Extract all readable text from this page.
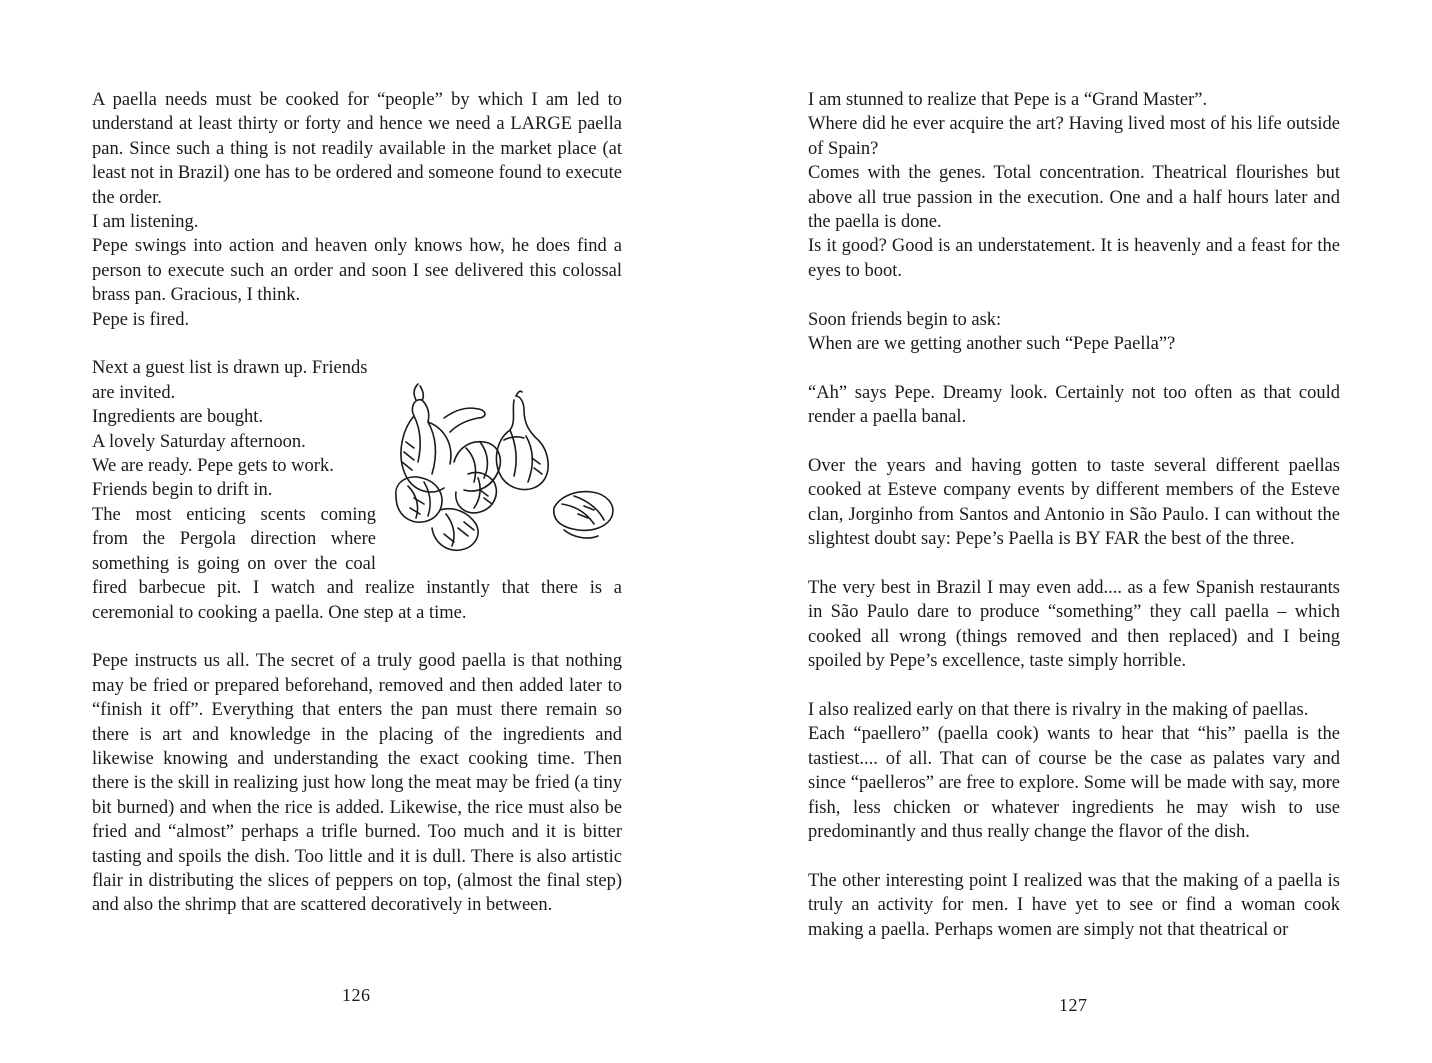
A paella needs must be cooked for “people” by which I am led to understand at least thirty or forty and hence we need a LARGE paella pan. Since such a thing is not readily available in the market place (at least not in Brazil) one has to be ordered and someone found to execute the order.

I am listening.

Pepe swings into action and heaven only knows how, he does find a person to execute such an order and soon I see delivered this colossal brass pan. Gracious, I think.

Pepe is fired.

Next a guest list is drawn up. Friends are invited.
Ingredients are bought.
A lovely Saturday afternoon.
We are ready. Pepe gets to work.
Friends begin to drift in.
The most enticing scents coming from the Pergola direction where something is going on over the coal fired barbecue pit. I watch and realize instantly that there is a ceremonial to cooking a paella. One step at a time.

Pepe instructs us all. The secret of a truly good paella is that nothing may be fried or prepared beforehand, removed and then added later to “finish it off”. Everything that enters the pan must there remain so there is art and knowledge in the placing of the ingredients and likewise knowing and understanding the exact cooking time. Then there is the skill in realizing just how long the meat may be fried (a tiny bit burned) and when the rice is added. Likewise, the rice must also be fried and “almost” perhaps a trifle burned. Too much and it is bitter tasting and spoils the dish. Too little and it is dull. There is also artistic flair in distributing the slices of peppers on top, (almost the final step) and also the shrimp that are scattered decoratively in between.

126

I am stunned to realize that Pepe is a “Grand Master”.

Where did he ever acquire the art? Having lived most of his life outside of Spain?

Comes with the genes. Total concentration. Theatrical flourishes but above all true passion in the execution. One and a half hours later and the paella is done.

Is it good? Good is an understatement. It is heavenly and a feast for the eyes to boot.

Soon friends begin to ask:

When are we getting another such “Pepe Paella”?

“Ah” says Pepe. Dreamy look. Certainly not too often as that could render a paella banal.

Over the years and having gotten to taste several different paellas cooked at Esteve company events by different members of the Esteve clan, Jorginho from Santos and Antonio in São Paulo. I can without the slightest doubt say: Pepe’s Paella is BY FAR the best of the three.

The very best in Brazil I may even add.... as a few Spanish restaurants in São Paulo dare to produce “something” they call paella – which cooked all wrong (things removed and then replaced) and I being spoiled by Pepe’s excellence, taste simply horrible.

I also realized early on that there is rivalry in the making of paellas.

Each “paellero” (paella cook) wants to hear that “his” paella is the tastiest.... of all. That can of course be the case as palates vary and since “paelleros” are free to explore. Some will be made with say, more fish, less chicken or whatever ingredients he may wish to use predominantly and thus really change the flavor of the dish.

The other interesting point I realized was that the making of a paella is truly an activity for men. I have yet to see or find a woman cook making a paella. Perhaps women are simply not that theatrical or

127
